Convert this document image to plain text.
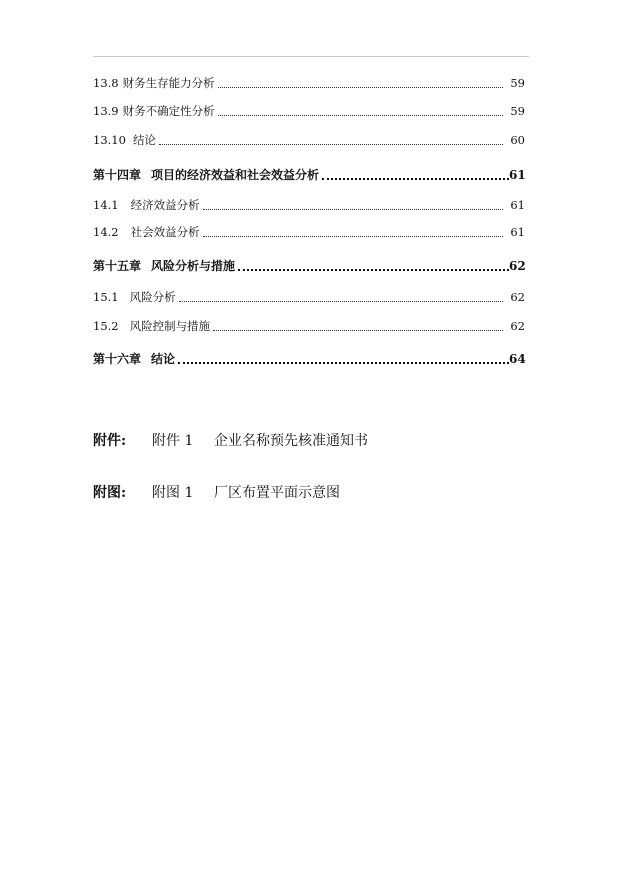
13.8 财务生存能力分析	59
13.9 财务不确定性分析	59
13.10 结论	60
第十四章 项目的经济效益和社会效益分析	61
14.1 经济效益分析	61
14.2 社会效益分析	61
第十五章 风险分析与措施	62
15.1 风险分析	62
15.2 风险控制与措施	62
第十六章 结论	64
附件:	附件 1	企业名称预先核准通知书
附图:	附图 1	厂区布置平面示意图
